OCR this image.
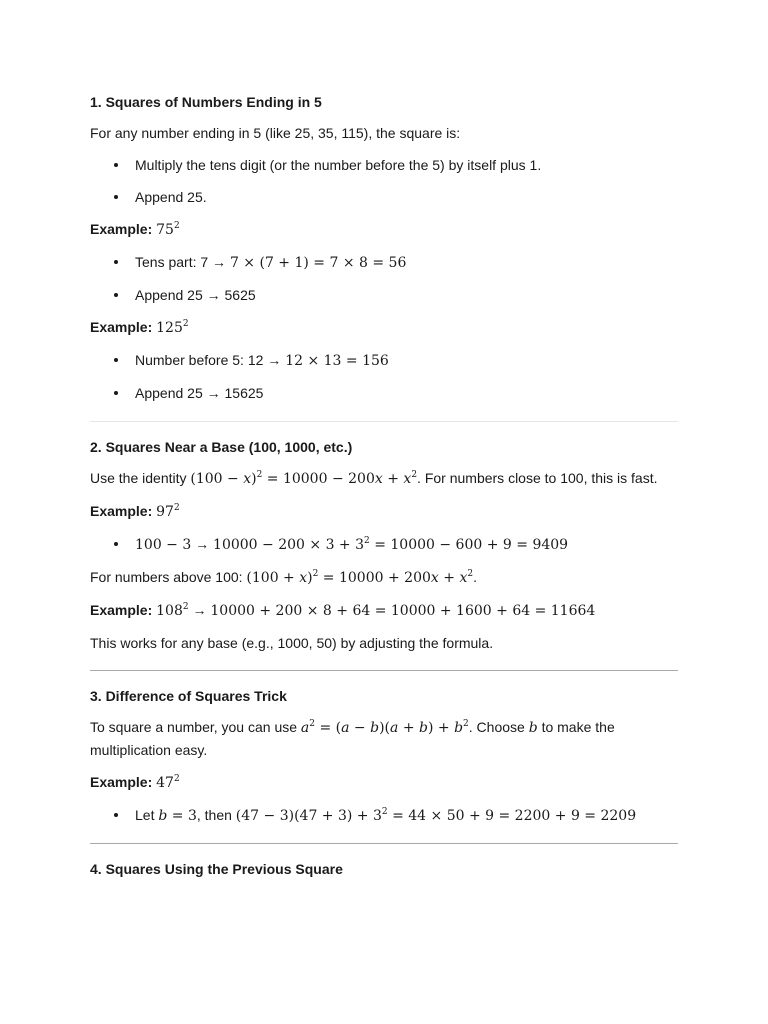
1. Squares of Numbers Ending in 5

For any number ending in 5 (like 25, 35, 115), the square is:

Multiply the tens digit (or the number before the 5) by itself plus 1.
Append 25.

Example: $75^2$

Tens part: 7 → 7 × (7 + 1) = 7 × 8 = 56
Append 25 → 5625

Example: $125^2$

Number before 5: 12 → 12 × 13 = 156
Append 25 → 15625
2. Squares Near a Base (100, 1000, etc.)

Use the identity $(100 - x)^2 = 10000 - 200x + x^2$. For numbers close to 100, this is fast.

Example: $97^2$

$100 - 3 \to 10000 - 200 \times 3 + 3^2 = 10000 - 600 + 9 = 9409$

For numbers above 100: $(100 + x)^2 = 10000 + 200x + x^2$.

Example: $108^2 \to 10000 + 200 \times 8 + 64 = 10000 + 1600 + 64 = 11664$

This works for any base (e.g., 1000, 50) by adjusting the formula.

3. Difference of Squares Trick

To square a number, you can use $a^2 = (a - b)(a + b) + b^2$. Choose b to make the multiplication easy.

Example: $47^2$

Let b = 3, then $(47 - 3)(47 + 3) + 3^2 = 44 \times 50 + 9 = 2200 + 9 = 2209$
4. Squares Using the Previous Square
